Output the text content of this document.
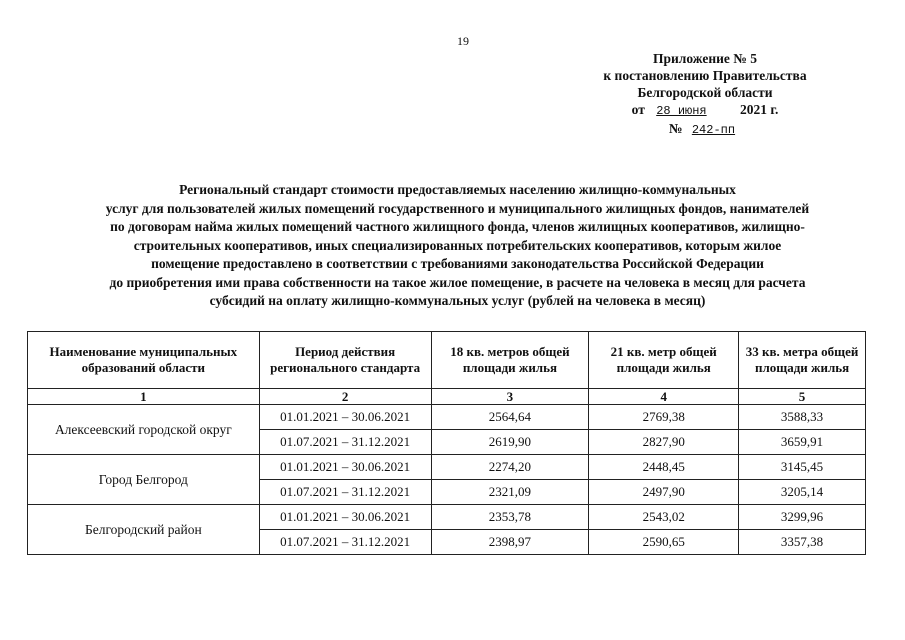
19
Приложение № 5
к постановлению Правительства
Белгородской области
от 28 июня 2021 г.
№ 242-пп
Региональный стандарт стоимости предоставляемых населению жилищно-коммунальных
услуг для пользователей жилых помещений государственного и муниципального жилищных фондов, нанимателей
по договорам найма жилых помещений частного жилищного фонда, членов жилищных кооперативов, жилищно-
строительных кооперативов, иных специализированных потребительских кооперативов, которым жилое
помещение предоставлено в соответствии с требованиями законодательства Российской Федерации
до приобретения ими права собственности на такое жилое помещение, в расчете на человека в месяц для расчета
субсидий на оплату жилищно-коммунальных услуг (рублей на человека в месяц)
Наименование муниципальных образований области	Период действия регионального стандарта	18 кв. метров общей площади жилья	21 кв. метр общей площади жилья	33 кв. метра общей площади жилья
1	2	3	4	5
Алексеевский городской округ	01.01.2021 – 30.06.2021	2564,64	2769,38	3588,33
	01.07.2021 – 31.12.2021	2619,90	2827,90	3659,91
Город Белгород	01.01.2021 – 30.06.2021	2274,20	2448,45	3145,45
	01.07.2021 – 31.12.2021	2321,09	2497,90	3205,14
Белгородский район	01.01.2021 – 30.06.2021	2353,78	2543,02	3299,96
	01.07.2021 – 31.12.2021	2398,97	2590,65	3357,38
